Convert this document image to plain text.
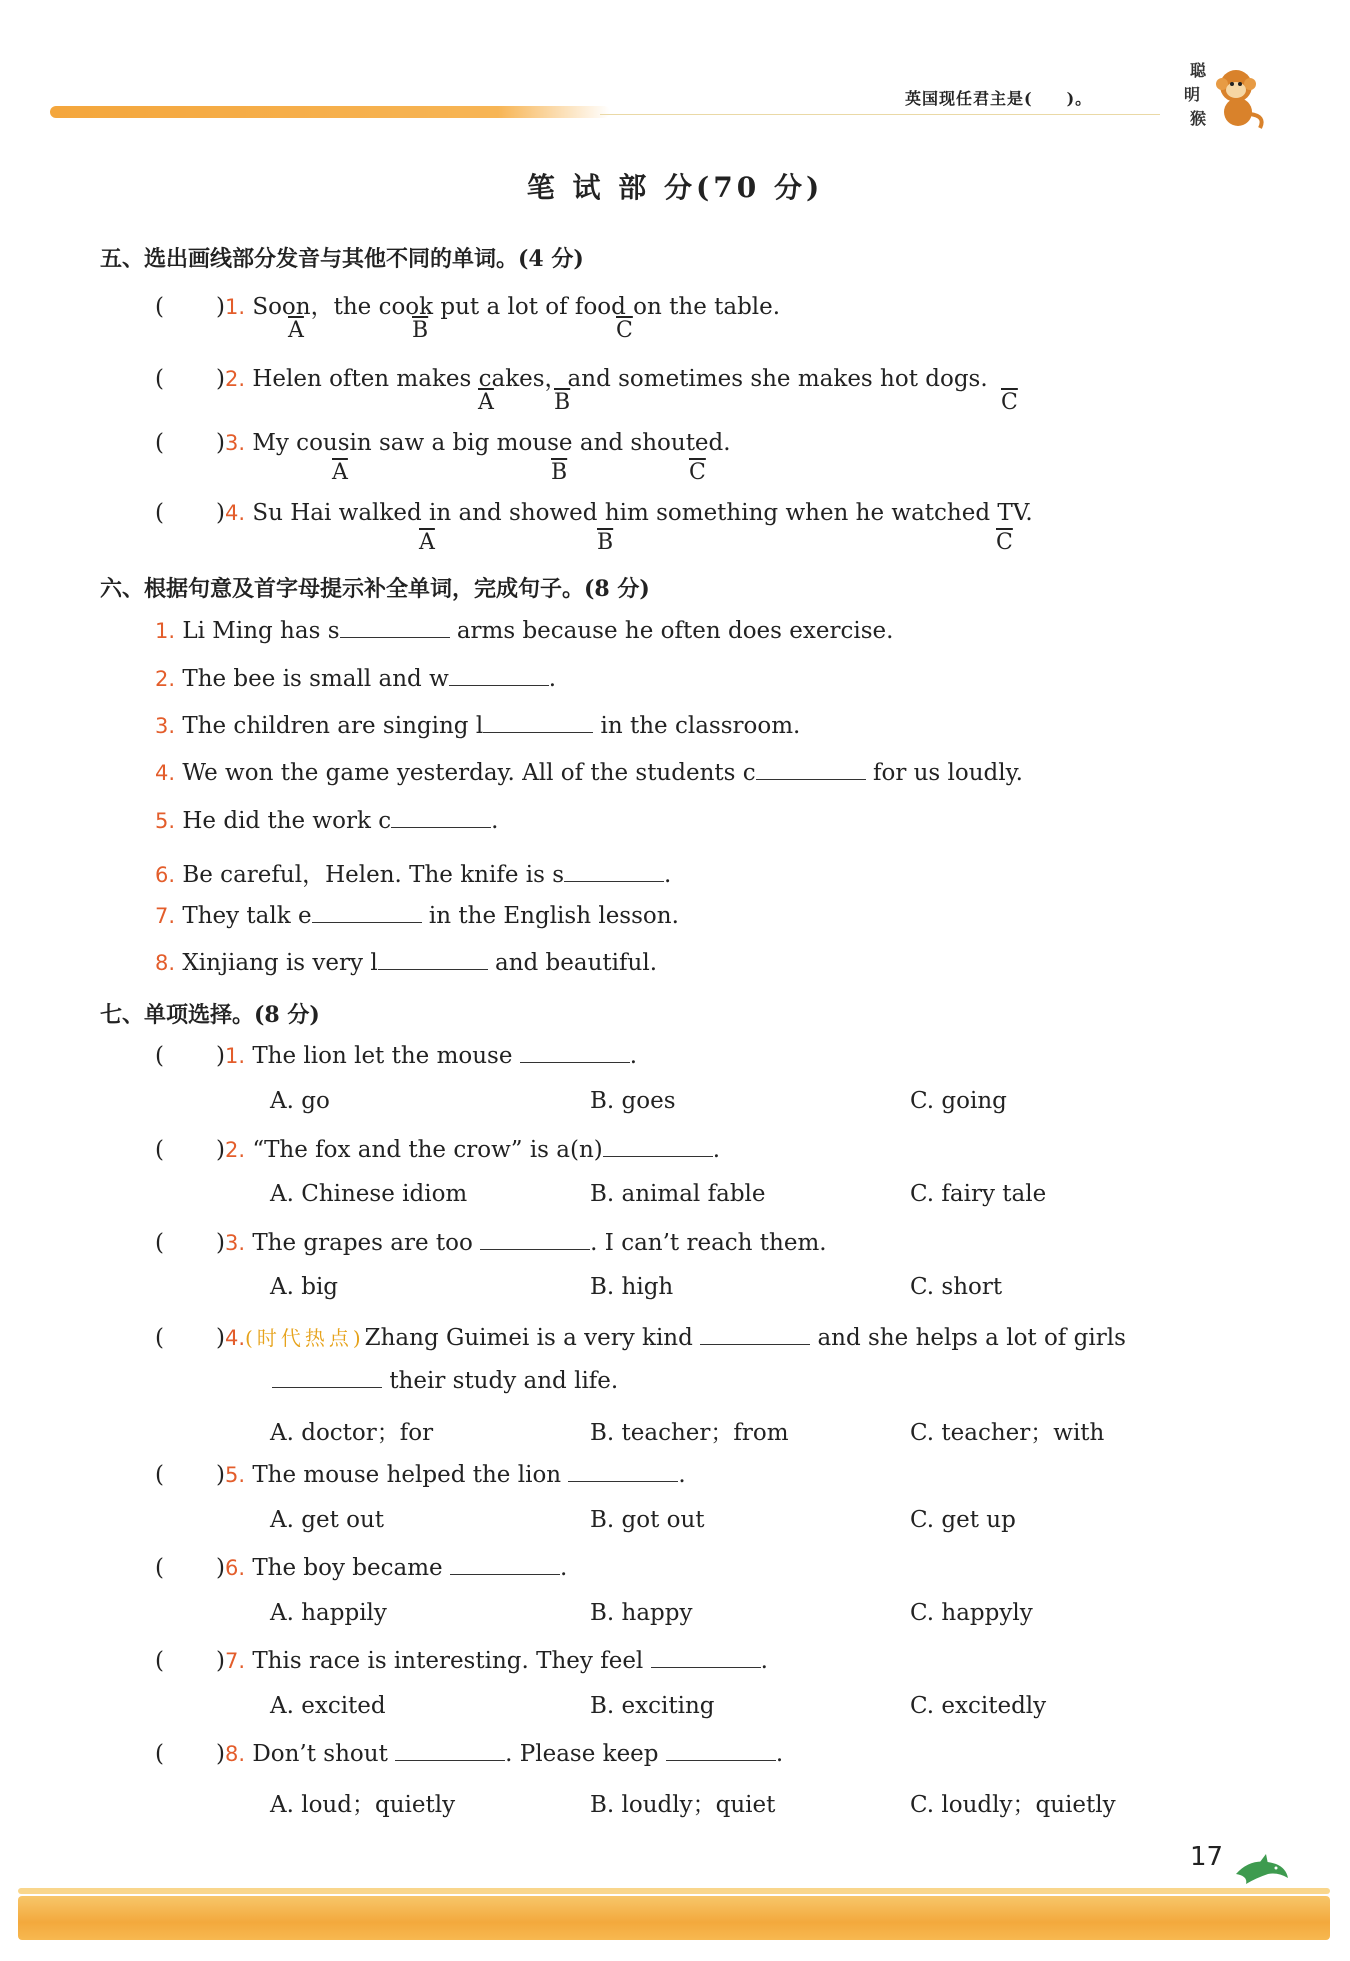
英国现任君主是(　　)。
聪
明
猴
笔 试 部 分(70 分)
五、选出画线部分发音与其他不同的单词。(4 分)
( )1. Soon，the cook put a lot of food on the table.
$\overline{A}$	$\overline{B}$	$\overline{C}$
( )2. Helen often makes cakes，and sometimes she makes hot dogs.
$\overline{A}$	$\overline{B}$	$\overline{C}$
( )3. My cousin saw a big mouse and shouted.
$\overline{A}$	$\overline{B}$	$\overline{C}$
( )4. Su Hai walked in and showed him something when he watched TV.
$\overline{A}$	$\overline{B}$	$\overline{C}$
六、根据句意及首字母提示补全单词，完成句子。(8 分)
1. Li Ming has s	arms because he often does exercise.
2. The bee is small and w	.
3. The children are singing l	in the classroom.
4. We won the game yesterday. All of the students c	for us loudly.
5. He did the work c	.
6. Be careful，Helen. The knife is s	.
7. They talk e	in the English lesson.
8. Xinjiang is very l	and beautiful.
七、单项选择。(8 分)
( )1. The lion let the mouse	.
A. go	B. goes	C. going
( )2. “The fox and the crow” is a(n)	.
A. Chinese idiom	B. animal fable	C. fairy tale
( )3. The grapes are too	. I can’t reach them.
A. big	B. high	C. short
( )4.(时代热点)Zhang Guimei is a very kind	and she helps a lot of girls
their study and life.
A. doctor；for	B. teacher；from	C. teacher；with
( )5. The mouse helped the lion	.
A. get out	B. got out	C. get up
( )6. The boy became	.
A. happily	B. happy	C. happyly
( )7. This race is interesting. They feel	.
A. excited	B. exciting	C. excitedly
( )8. Don’t shout	. Please keep	.
A. loud；quietly	B. loudly；quiet	C. loudly；quietly
17
